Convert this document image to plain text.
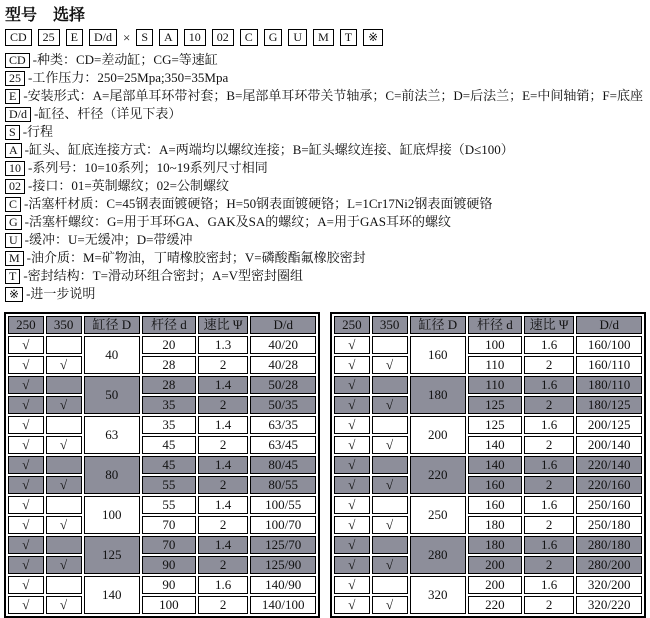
型号　选择
CD	25	E	D/d × S	A	10	02	C	G	U	M	T	※
CD -种类：CD=差动缸；CG=等速缸
25 -工作压力：250=25Mpa;350=35Mpa
E -安装形式：A=尾部单耳环带衬套；B=尾部单耳环带关节轴承；C=前法兰；D=后法兰；E=中间轴销；F=底座
D/d -缸径、杆径（详见下表）
S -行程
A -缸头、缸底连接方式：A=两端均以螺纹连接；B=缸头螺纹连接、缸底焊接（D≤100）
10 -系列号：10=10系列；10~19系列尺寸相同
02 -接口：01=英制螺纹；02=公制螺纹
C -活塞杆材质：C=45钢表面镀硬铬；H=50钢表面镀硬铬；L=1Cr17Ni2钢表面镀硬铬
G -活塞杆螺纹：G=用于耳环GA、GAK及SA的螺纹；A=用于GAS耳环的螺纹
U -缓冲：U=无缓冲；D=带缓冲
M -油介质：M=矿物油，丁晴橡胶密封；V=磷酸酯氟橡胶密封
T -密封结构：T=滑动环组合密封；A=V型密封圈组
※ -进一步说明
250	350	缸径 D	杆径 d	速比 Ψ	D/d
√		40	20	1.3	40/20
√	√		28	2	40/28
√		50	28	1.4	50/28
√	√		35	2	50/35
√		63	35	1.4	63/35
√	√		45	2	63/45
√		80	45	1.4	80/45
√	√		55	2	80/55
√		100	55	1.4	100/55
√	√		70	2	100/70
√		125	70	1.4	125/70
√	√		90	2	125/90
√		140	90	1.6	140/90
√	√		100	2	140/100
250	350	缸径 D	杆径 d	速比 Ψ	D/d
√		160	100	1.6	160/100
√	√		110	2	160/110
√		180	110	1.6	180/110
√	√		125	2	180/125
√		200	125	1.6	200/125
√	√		140	2	200/140
√		220	140	1.6	220/140
√	√		160	2	220/160
√		250	160	1.6	250/160
√	√		180	2	250/180
√		280	180	1.6	280/180
√	√		200	2	280/200
√		320	200	1.6	320/200
√	√		220	2	320/220
